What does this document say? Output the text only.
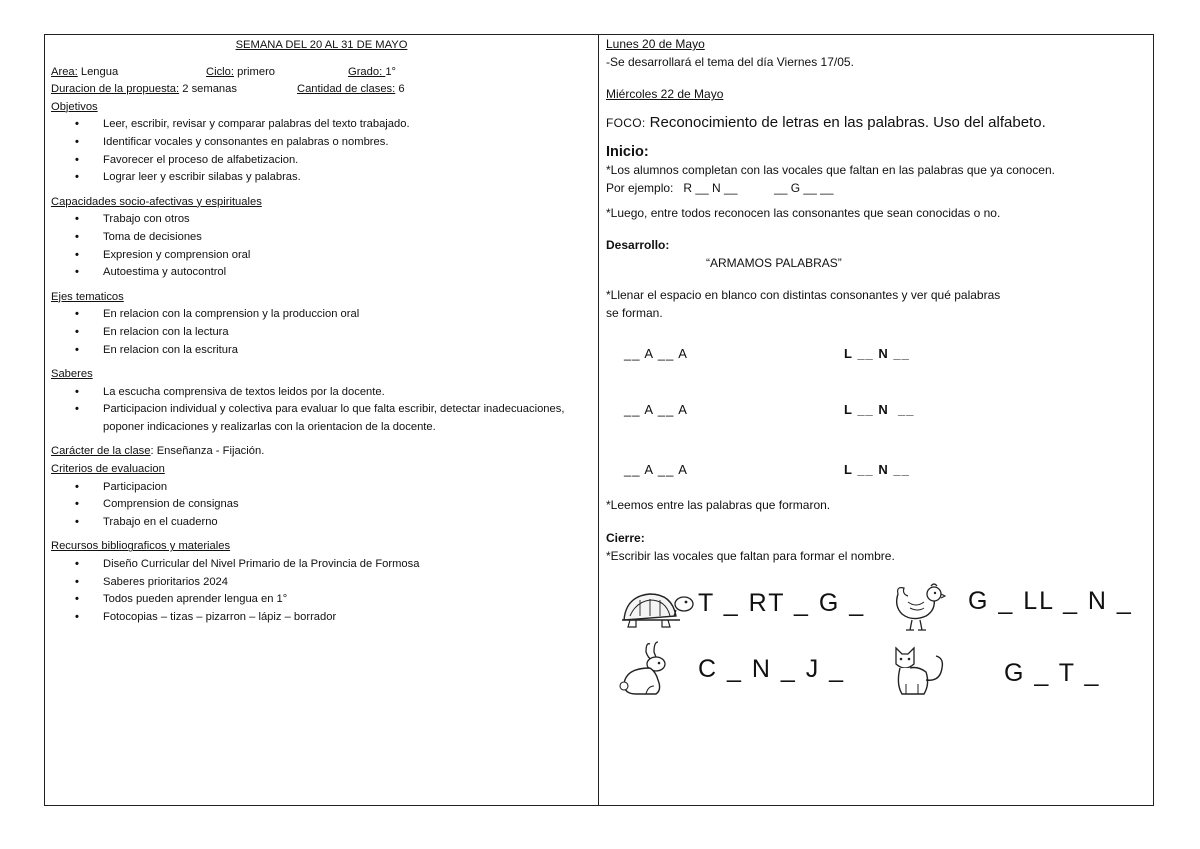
SEMANA DEL 20 AL 31 DE MAYO
Area: Lengua	Ciclo: primero	Grado: 1°
Duracion de la propuesta: 2 semanas	Cantidad de clases: 6
Objetivos
• Leer, escribir, revisar y comparar palabras del texto trabajado.
• Identificar vocales y consonantes en palabras o nombres.
• Favorecer el proceso de alfabetizacion.
• Lograr leer y escribir silabas y palabras.
Capacidades socio-afectivas y espirituales
• Trabajo con otros
• Toma de decisiones
• Expresion y comprension oral
• Autoestima y autocontrol
Ejes tematicos
• En relacion con la comprension y la produccion oral
• En relacion con la lectura
• En relacion con la escritura
Saberes
• La escucha comprensiva de textos leidos por la docente.
• Participacion individual y colectiva para evaluar lo que falta escribir, detectar inadecuaciones, poponer indicaciones y realizarlas con la orientacion de la docente.
Carácter de la clase: Enseñanza - Fijación.
Criterios de evaluacion
• Participacion
• Comprension de consignas
• Trabajo en el cuaderno
Recursos bibliograficos y materiales
• Diseño Curricular del Nivel Primario de la Provincia de Formosa
• Saberes prioritarios 2024
• Todos pueden aprender lengua en 1°
• Fotocopias – tizas – pizarron – lápiz – borrador
Lunes 20 de Mayo
-Se desarrollará el tema del día Viernes 17/05.
Miércoles 22 de Mayo
FOCO: Reconocimiento de letras en las palabras. Uso del alfabeto.
Inicio:
*Los alumnos completan con las vocales que faltan en las palabras que ya conocen.
Por ejemplo:   R __ N __           __ G __ __
*Luego, entre todos reconocen las consonantes que sean conocidas o no.
Desarrollo:
“ARMAMOS PALABRAS”
*Llenar el espacio en blanco con distintas consonantes y ver qué palabras
se forman.
__ A __ A	L __ N __
__ A __ A	L __ N  __
__ A __ A	L __ N __
*Leemos entre las palabras que formaron.
Cierre:
*Escribir las vocales que faltan para formar el nombre.
T _ RT _ G _	G _ LL _ N _
C _ N _ J _	G _ T _
